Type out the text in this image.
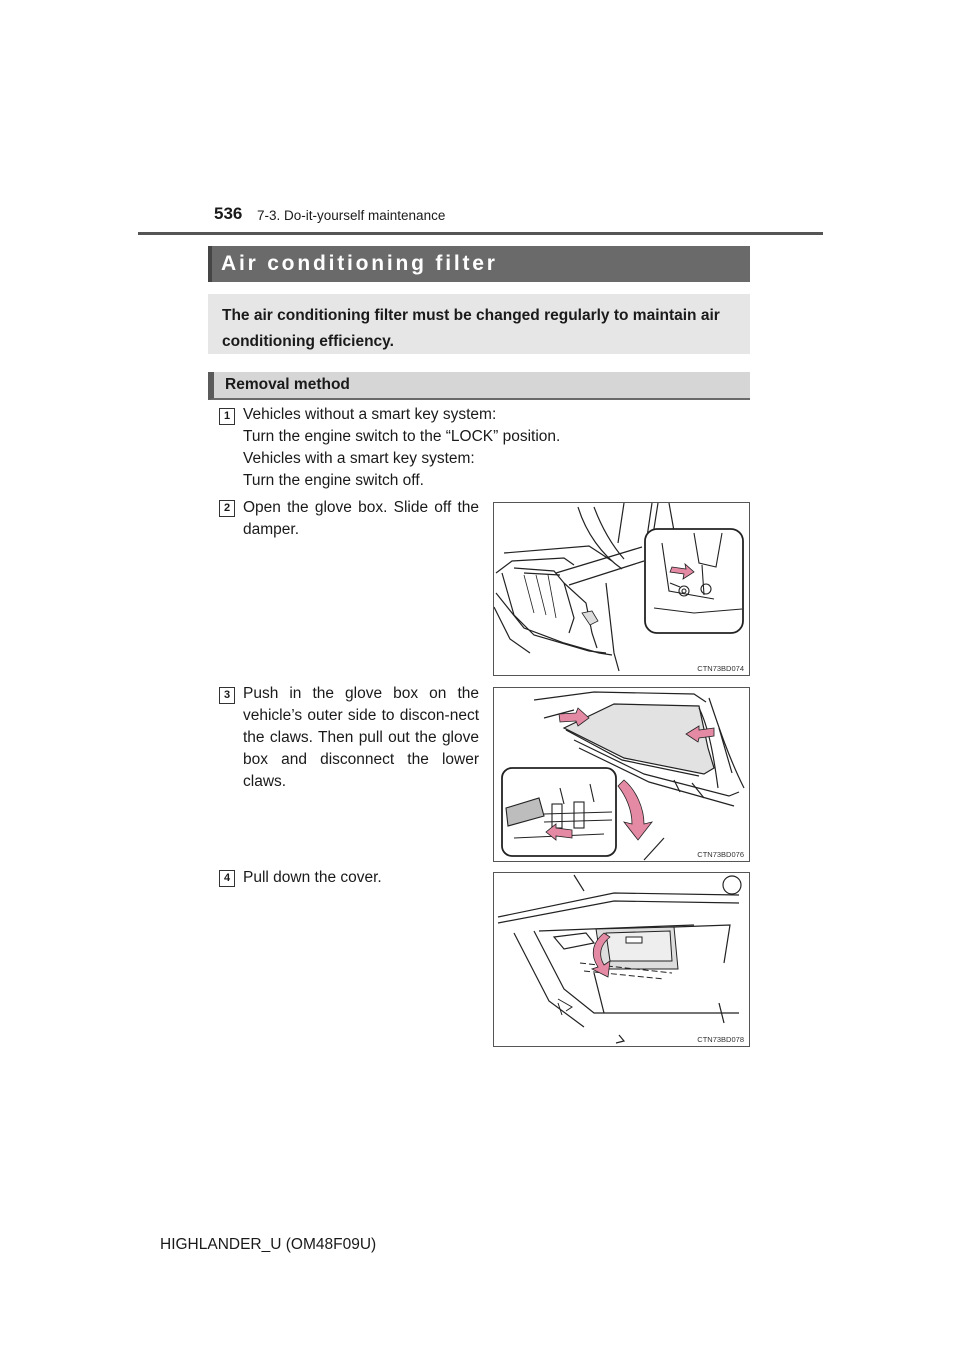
536 7-3. Do-it-yourself maintenance
Air conditioning filter
The air conditioning filter must be changed regularly to maintain air conditioning efficiency.
Removal method
1 Vehicles without a smart key system:
Turn the engine switch to the “LOCK” position.
Vehicles with a smart key system:
Turn the engine switch off.
2 Open the glove box. Slide off the damper.
CTN73BD074
3 Push in the glove box on the vehicle’s outer side to discon-nect the claws. Then pull out the glove box and disconnect the lower claws.
CTN73BD076
4 Pull down the cover.
CTN73BD078
HIGHLANDER_U (OM48F09U)
